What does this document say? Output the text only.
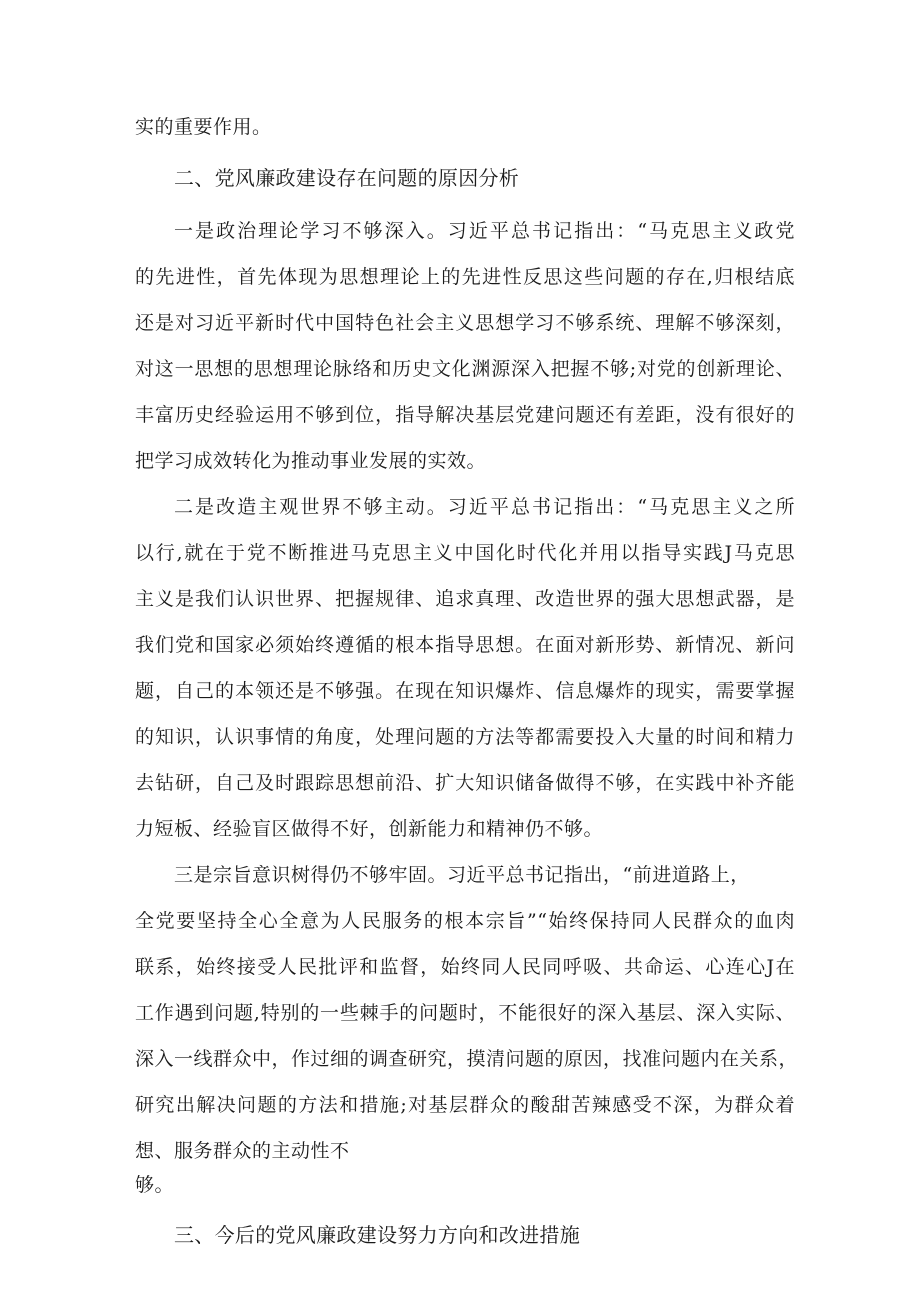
实的重要作用。
二、党风廉政建设存在问题的原因分析
一是政治理论学习不够深入。习近平总书记指出：“马克思主义政党
的先进性，首先体现为思想理论上的先进性反思这些问题的存在,归根结底
还是对习近平新时代中国特色社会主义思想学习不够系统、理解不够深刻，
对这一思想的思想理论脉络和历史文化渊源深入把握不够;对党的创新理论、
丰富历史经验运用不够到位，指导解决基层党建问题还有差距，没有很好的
把学习成效转化为推动事业发展的实效。
二是改造主观世界不够主动。习近平总书记指出：“马克思主义之所
以行,就在于党不断推进马克思主义中国化时代化并用以指导实践J马克思
主义是我们认识世界、把握规律、追求真理、改造世界的强大思想武器，是
我们党和国家必须始终遵循的根本指导思想。在面对新形势、新情况、新问
题，自己的本领还是不够强。在现在知识爆炸、信息爆炸的现实，需要掌握
的知识，认识事情的角度，处理问题的方法等都需要投入大量的时间和精力
去钻研，自己及时跟踪思想前沿、扩大知识储备做得不够，在实践中补齐能
力短板、经验盲区做得不好，创新能力和精神仍不够。
三是宗旨意识树得仍不够牢固。习近平总书记指出，“前进道路上，
全党要坚持全心全意为人民服务的根本宗旨”“始终保持同人民群众的血肉
联系，始终接受人民批评和监督，始终同人民同呼吸、共命运、心连心J在
工作遇到问题,特别的一些棘手的问题时，不能很好的深入基层、深入实际、
深入一线群众中，作过细的调查研究，摸清问题的原因，找准问题内在关系，
研究出解决问题的方法和措施;对基层群众的酸甜苦辣感受不深，为群众着
想、服务群众的主动性不
够。
三、今后的党风廉政建设努力方向和改进措施
